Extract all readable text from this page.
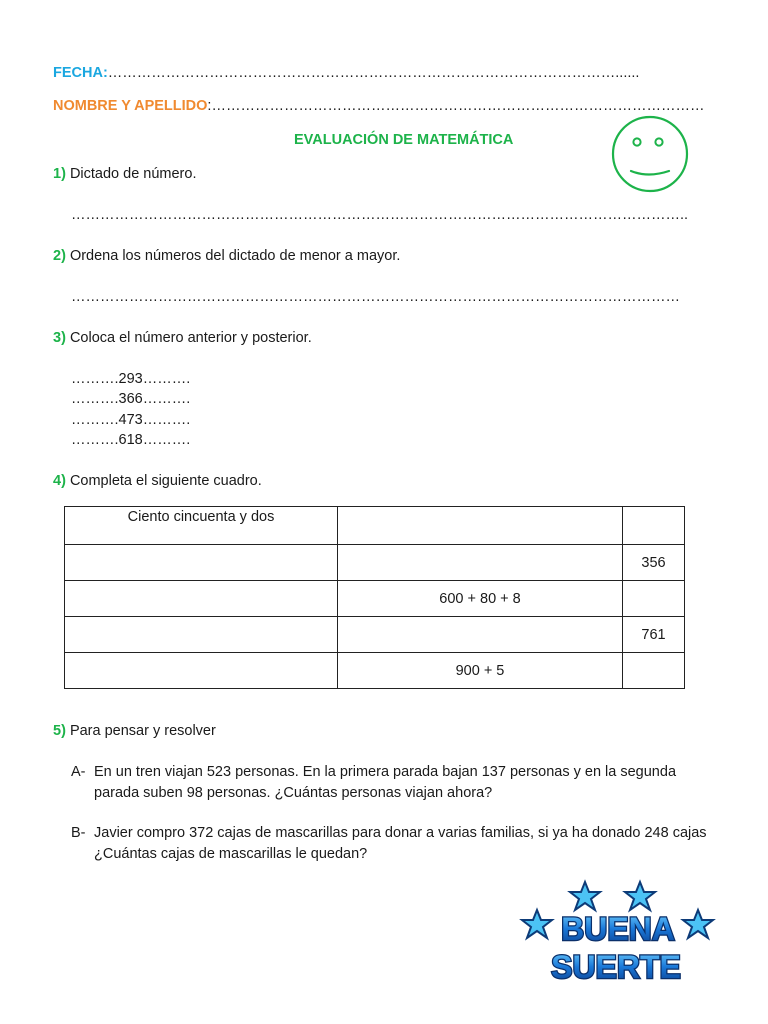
FECHA:……………………………………………………………………………………………......
NOMBRE Y APELLIDO:…………………………………………………………………………………………
EVALUACIÓN DE MATEMÁTICA
1) Dictado de número.
………………………………………………………………………………………………………………..
2) Ordena los números del dictado de menor a mayor.
………………………………………………………………………………………………………………
3) Coloca el número anterior y posterior.
……….293……….
……….366……….
……….473……….
……….618……….
4) Completa el siguiente cuadro.
Ciento cincuenta y dos		
		356
	600 + 80 + 8	
		761
	900 + 5	
5) Para pensar y resolver
A- En un tren viajan 523 personas. En la primera parada bajan 137 personas y en la segunda parada suben 98 personas. ¿Cuántas personas viajan ahora?
B- Javier compro 372 cajas de mascarillas para donar a varias familias, si ya ha donado 248 cajas ¿Cuántas cajas de mascarillas le quedan?
BUENA
SUERTE
